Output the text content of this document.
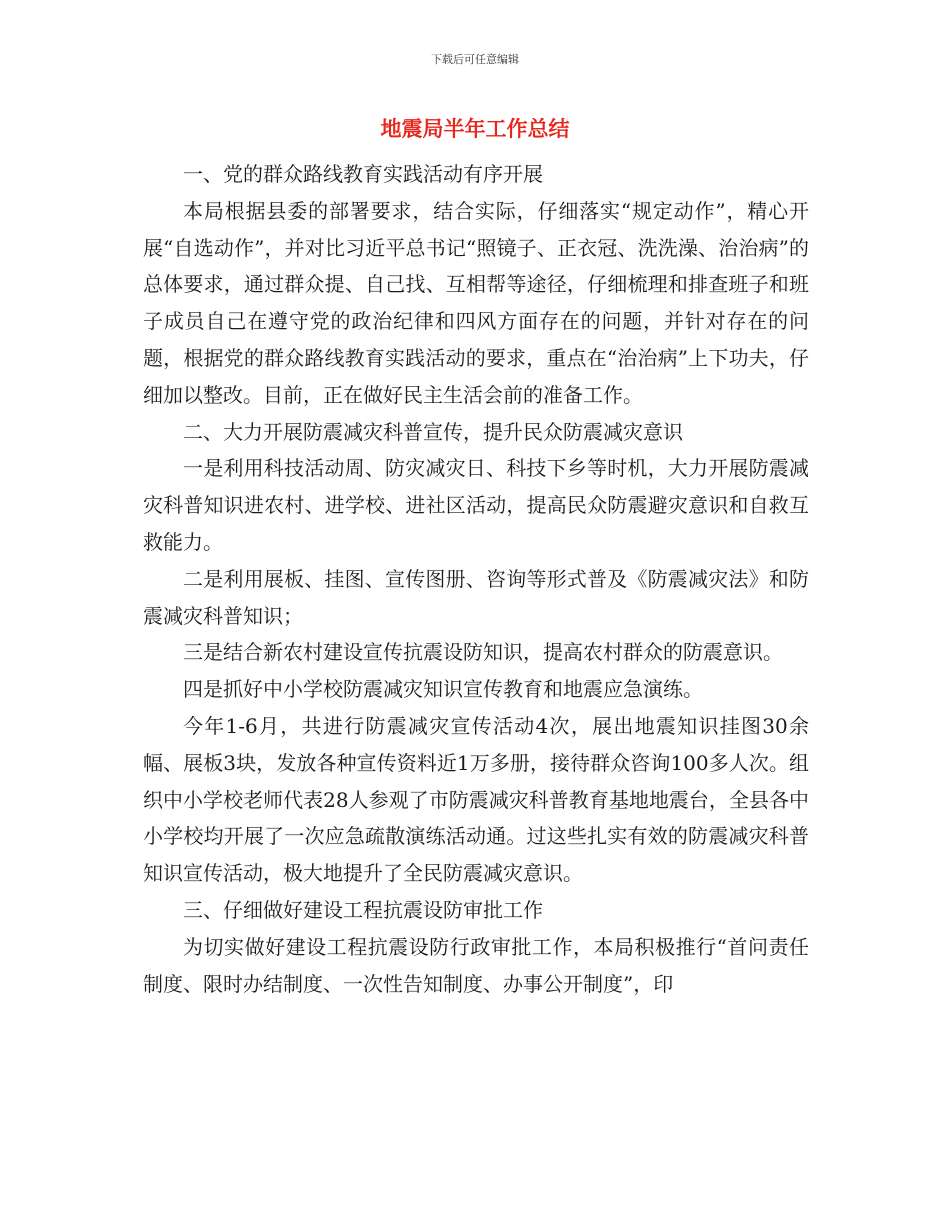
下载后可任意编辑
地震局半年工作总结

一、党的群众路线教育实践活动有序开展

本局根据县委的部署要求，结合实际，仔细落实“规定动作”，精心开展“自选动作”，并对比习近平总书记“照镜子、正衣冠、洗洗澡、治治病”的总体要求，通过群众提、自己找、互相帮等途径，仔细梳理和排查班子和班子成员自己在遵守党的政治纪律和四风方面存在的问题，并针对存在的问题，根据党的群众路线教育实践活动的要求，重点在“治治病”上下功夫，仔细加以整改。目前，正在做好民主生活会前的准备工作。

二、大力开展防震减灾科普宣传，提升民众防震减灾意识

一是利用科技活动周、防灾减灾日、科技下乡等时机，大力开展防震减灾科普知识进农村、进学校、进社区活动，提高民众防震避灾意识和自救互救能力。

二是利用展板、挂图、宣传图册、咨询等形式普及《防震减灾法》和防震减灾科普知识；

三是结合新农村建设宣传抗震设防知识，提高农村群众的防震意识。

四是抓好中小学校防震减灾知识宣传教育和地震应急演练。

今年1-6月，共进行防震减灾宣传活动4次，展出地震知识挂图30余幅、展板3块，发放各种宣传资料近1万多册，接待群众咨询100多人次。组织中小学校老师代表28人参观了市防震减灾科普教育基地地震台，全县各中小学校均开展了一次应急疏散演练活动通。过这些扎实有效的防震减灾科普知识宣传活动，极大地提升了全民防震减灾意识。

三、仔细做好建设工程抗震设防审批工作

为切实做好建设工程抗震设防行政审批工作，本局积极推行“首问责任制度、限时办结制度、一次性告知制度、办事公开制度”，印
